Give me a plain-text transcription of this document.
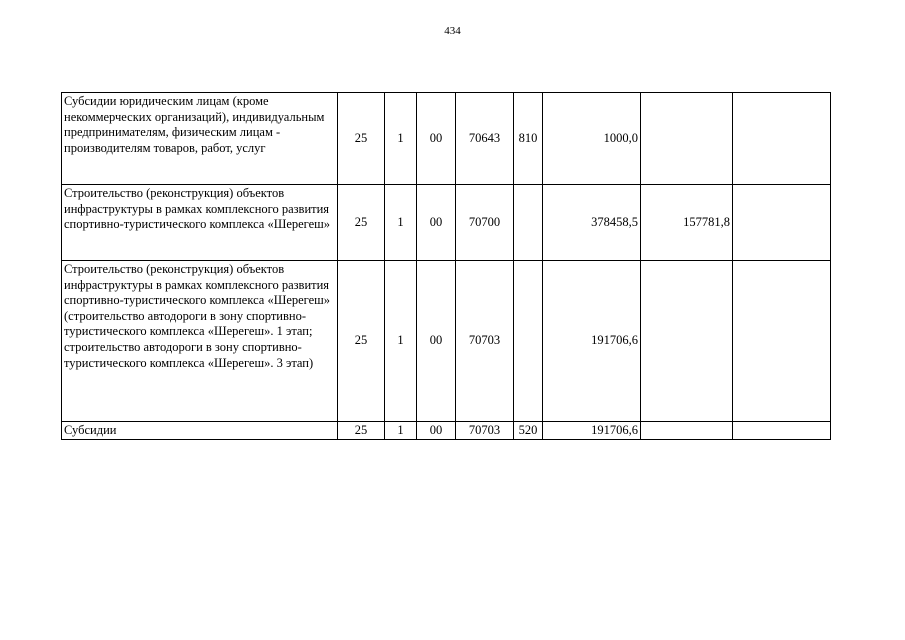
434
Субсидии юридическим лицам (кроме некоммерческих организаций), индивидуальным предпринимателям, физическим лицам - производителям товаров, работ, услуг	25	1	00	70643	810	1000,0		
Строительство (реконструкция) объектов инфраструктуры в рамках комплексного развития спортивно-туристического комплекса «Шерегеш»	25	1	00	70700		378458,5	157781,8	
Строительство (реконструкция) объектов инфраструктуры в рамках комплексного развития спортивно-туристического комплекса «Шерегеш» (строительство автодороги в зону спортивно-туристического комплекса «Шерегеш». 1 этап; строительство автодороги в зону спортивно-туристического комплекса «Шерегеш». 3 этап)	25	1	00	70703		191706,6		
Субсидии	25	1	00	70703	520	191706,6		
